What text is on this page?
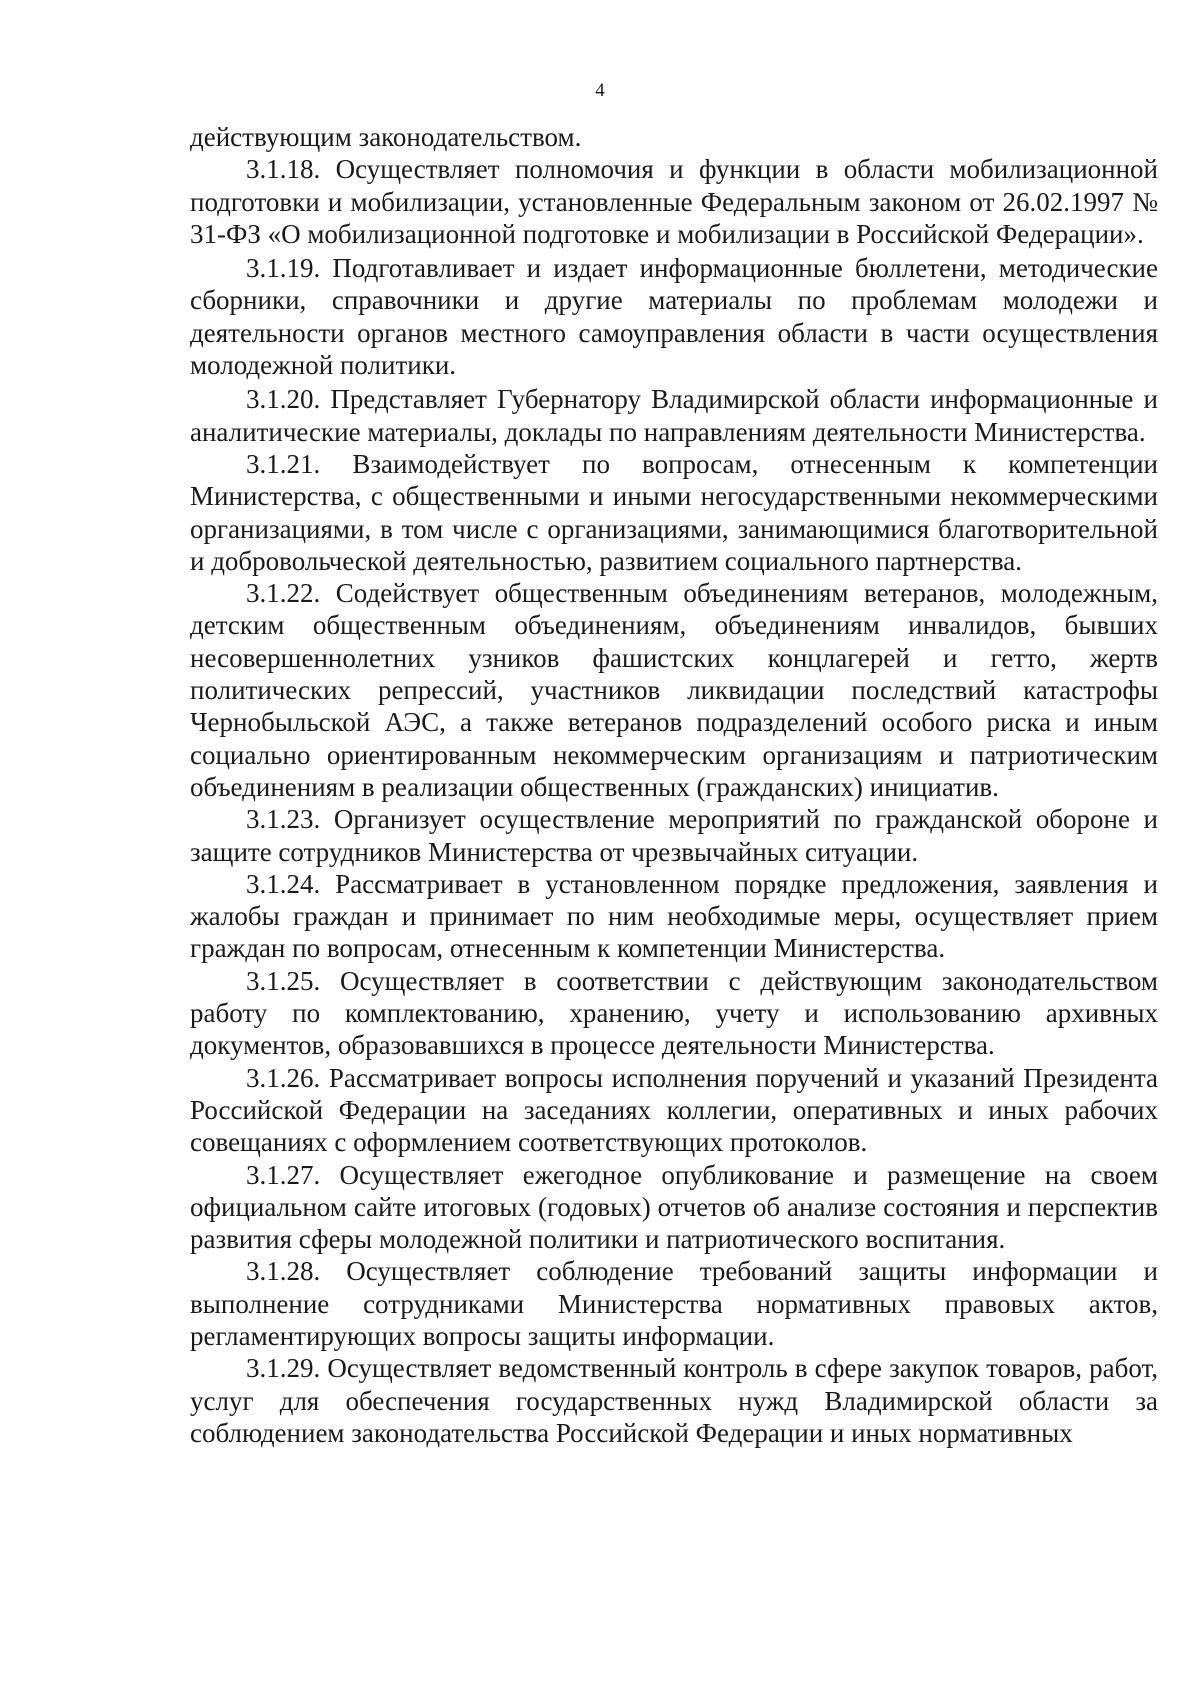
4

действующим законодательством.

3.1.18. Осуществляет полномочия и функции в области мобилизационной подготовки и мобилизации, установленные Федеральным законом от 26.02.1997 № 31-ФЗ «О мобилизационной подготовке и мобилизации в Российской Федерации».

3.1.19. Подготавливает и издает информационные бюллетени, методические сборники, справочники и другие материалы по проблемам молодежи и деятельности органов местного самоуправления области в части осуществления молодежной политики.

3.1.20. Представляет Губернатору Владимирской области информационные и аналитические материалы, доклады по направлениям деятельности Министерства.

3.1.21. Взаимодействует по вопросам, отнесенным к компетенции Министерства, с общественными и иными негосударственными некоммерческими организациями, в том числе с организациями, занимающимися благотворительной и добровольческой деятельностью, развитием социального партнерства.

3.1.22. Содействует общественным объединениям ветеранов, молодежным, детским общественным объединениям, объединениям инвалидов, бывших несовершеннолетних узников фашистских концлагерей и гетто, жертв политических репрессий, участников ликвидации последствий катастрофы Чернобыльской АЭС, а также ветеранов подразделений особого риска и иным социально ориентированным некоммерческим организациям и патриотическим объединениям в реализации общественных (гражданских) инициатив.

3.1.23. Организует осуществление мероприятий по гражданской обороне и защите сотрудников Министерства от чрезвычайных ситуации.

3.1.24. Рассматривает в установленном порядке предложения, заявления и жалобы граждан и принимает по ним необходимые меры, осуществляет прием граждан по вопросам, отнесенным к компетенции Министерства.

3.1.25. Осуществляет в соответствии с действующим законодательством работу по комплектованию, хранению, учету и использованию архивных документов, образовавшихся в процессе деятельности Министерства.

3.1.26. Рассматривает вопросы исполнения поручений и указаний Президента Российской Федерации на заседаниях коллегии, оперативных и иных рабочих совещаниях с оформлением соответствующих протоколов.

3.1.27. Осуществляет ежегодное опубликование и размещение на своем официальном сайте итоговых (годовых) отчетов об анализе состояния и перспектив развития сферы молодежной политики и патриотического воспитания.

3.1.28. Осуществляет соблюдение требований защиты информации и выполнение сотрудниками Министерства нормативных правовых актов, регламентирующих вопросы защиты информации.

3.1.29. Осуществляет ведомственный контроль в сфере закупок товаров, работ, услуг для обеспечения государственных нужд Владимирской области за соблюдением законодательства Российской Федерации и иных нормативных
